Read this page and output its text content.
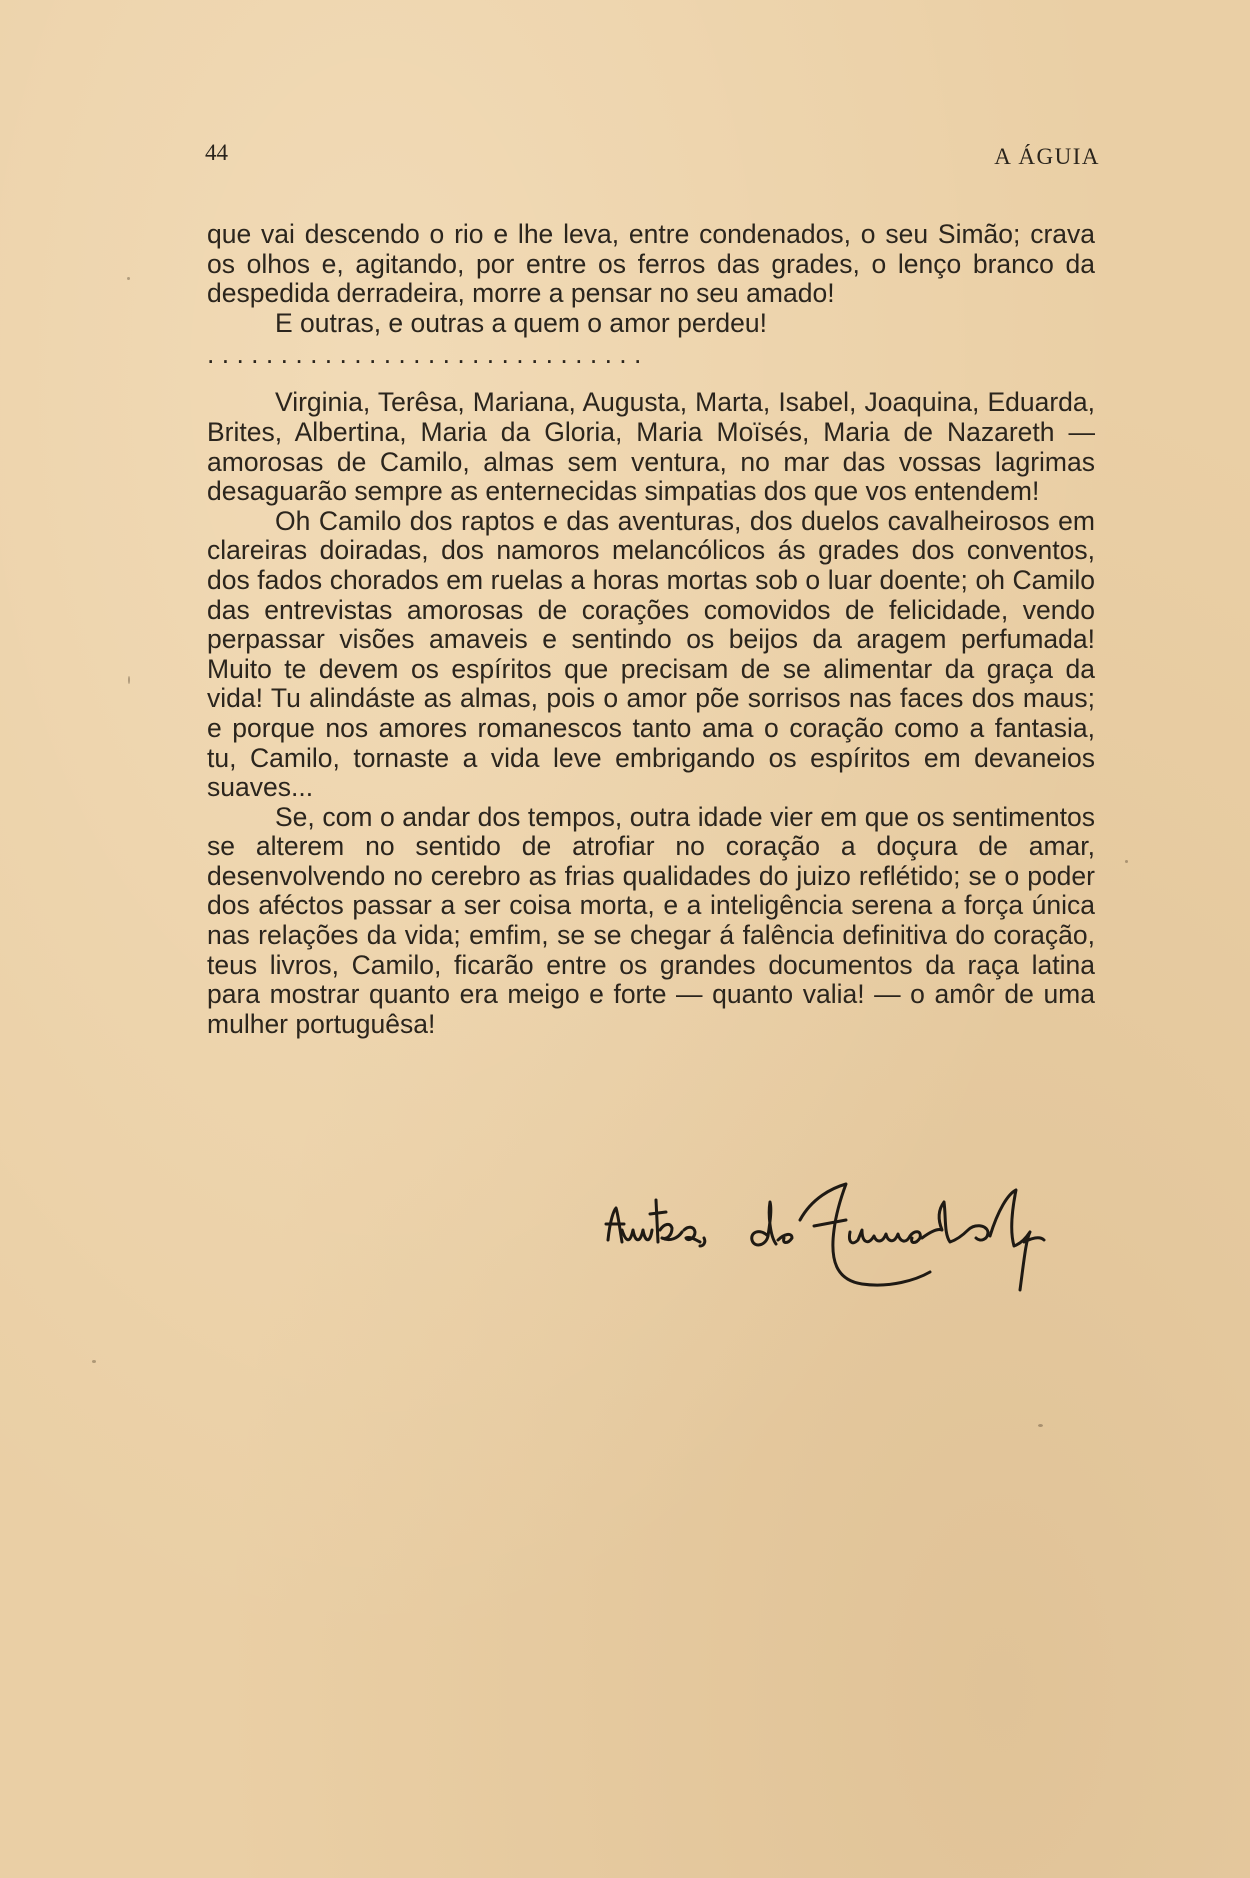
44	A ÁGUIA

que vai descendo o rio e lhe leva, entre condenados, o seu Simão; crava os olhos e, agitando, por entre os ferros das grades, o lenço branco da despedida derradeira, morre a pensar no seu amado!

E outras, e outras a quem o amor perdeu!

. . . . . . . . . . . . . . . . . . . . . . . . . . . . . .

Virginia, Terêsa, Mariana, Augusta, Marta, Isabel, Joaquina, Eduarda, Brites, Albertina, Maria da Gloria, Maria Moïsés, Maria de Nazareth — amorosas de Camilo, almas sem ventura, no mar das vossas lagrimas desaguarão sempre as enternecidas simpatias dos que vos entendem!

Oh Camilo dos raptos e das aventuras, dos duelos cavalheirosos em clareiras doiradas, dos namoros melancólicos ás grades dos conventos, dos fados chorados em ruelas a horas mortas sob o luar doente; oh Camilo das entrevistas amorosas de corações comovidos de felicidade, vendo perpassar visões amaveis e sentindo os beijos da aragem perfumada! Muito te devem os espíritos que precisam de se alimentar da graça da vida! Tu alindáste as almas, pois o amor põe sorrisos nas faces dos maus; e porque nos amores romanescos tanto ama o coração como a fantasia, tu, Camilo, tornaste a vida leve embrigando os espíritos em devaneios suaves...

Se, com o andar dos tempos, outra idade vier em que os sentimentos se alterem no sentido de atrofiar no coração a doçura de amar, desenvolvendo no cerebro as frias qualidades do juizo reflétido; se o poder dos aféctos passar a ser coisa morta, e a inteligência serena a força única nas relações da vida; emfim, se se chegar á falência definitiva do coração, teus livros, Camilo, ficarão entre os grandes documentos da raça latina para mostrar quanto era meigo e forte — quanto valia! — o amôr de uma mulher portuguêsa!
